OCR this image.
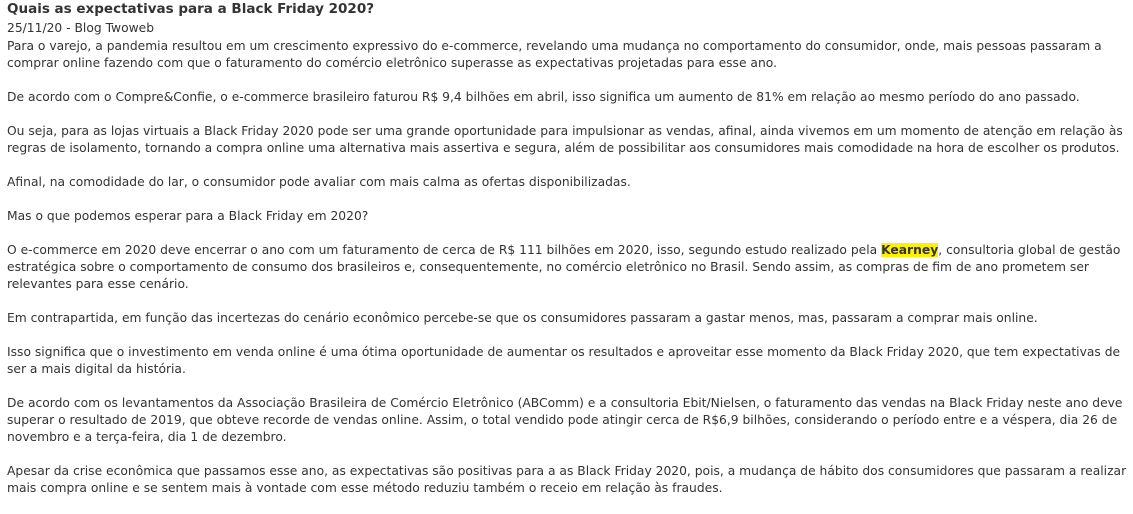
Quais as expectativas para a Black Friday 2020?
25/11/20 - Blog Twoweb

Para o varejo, a pandemia resultou em um crescimento expressivo do e-commerce, revelando uma mudança no comportamento do consumidor, onde, mais pessoas passaram a comprar online fazendo com que o faturamento do comércio eletrônico superasse as expectativas projetadas para esse ano.

De acordo com o Compre&Confie, o e-commerce brasileiro faturou R$ 9,4 bilhões em abril, isso significa um aumento de 81% em relação ao mesmo período do ano passado.

Ou seja, para as lojas virtuais a Black Friday 2020 pode ser uma grande oportunidade para impulsionar as vendas, afinal, ainda vivemos em um momento de atenção em relação às regras de isolamento, tornando a compra online uma alternativa mais assertiva e segura, além de possibilitar aos consumidores mais comodidade na hora de escolher os produtos.

Afinal, na comodidade do lar, o consumidor pode avaliar com mais calma as ofertas disponibilizadas.

Mas o que podemos esperar para a Black Friday em 2020?

O e-commerce em 2020 deve encerrar o ano com um faturamento de cerca de R$ 111 bilhões em 2020, isso, segundo estudo realizado pela Kearney, consultoria global de gestão estratégica sobre o comportamento de consumo dos brasileiros e, consequentemente, no comércio eletrônico no Brasil. Sendo assim, as compras de fim de ano prometem ser relevantes para esse cenário.

Em contrapartida, em função das incertezas do cenário econômico percebe-se que os consumidores passaram a gastar menos, mas, passaram a comprar mais online.

Isso significa que o investimento em venda online é uma ótima oportunidade de aumentar os resultados e aproveitar esse momento da Black Friday 2020, que tem expectativas de ser a mais digital da história.

De acordo com os levantamentos da Associação Brasileira de Comércio Eletrônico (ABComm) e a consultoria Ebit/Nielsen, o faturamento das vendas na Black Friday neste ano deve superar o resultado de 2019, que obteve recorde de vendas online. Assim, o total vendido pode atingir cerca de R$6,9 bilhões, considerando o período entre e a véspera, dia 26 de novembro e a terça-feira, dia 1 de dezembro.

Apesar da crise econômica que passamos esse ano, as expectativas são positivas para a as Black Friday 2020, pois, a mudança de hábito dos consumidores que passaram a realizar mais compra online e se sentem mais à vontade com esse método reduziu também o receio em relação às fraudes.
